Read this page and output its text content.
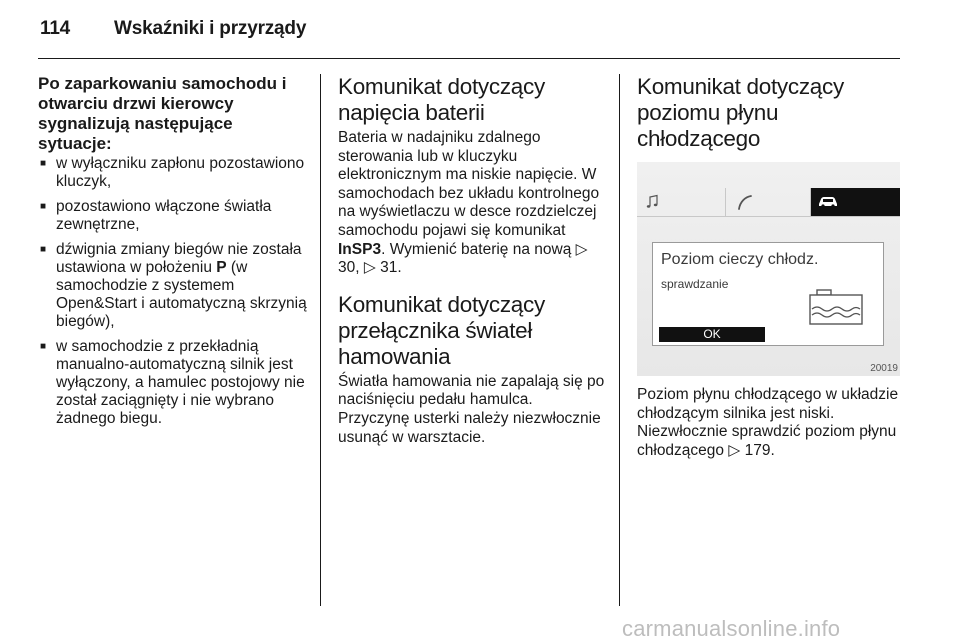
114 Wskaźniki i przyrządy

Po zaparkowaniu samochodu i otwarciu drzwi kierowcy sygnalizują następujące sytuacje:

■ w wyłączniku zapłonu pozostawiono kluczyk,
■ pozostawiono włączone światła zewnętrzne,
■ dźwignia zmiany biegów nie została ustawiona w położeniu P (w samochodzie z systemem Open&Start i automatyczną skrzynią biegów),
■ w samochodzie z przekładnią manualno-automatyczną silnik jest wyłączony, a hamulec postojowy nie został zaciągnięty i nie wybrano żadnego biegu.
Komunikat dotyczący napięcia baterii

Bateria w nadajniku zdalnego sterowania lub w kluczyku elektronicznym ma niskie napięcie. W samochodach bez układu kontrolnego na wyświetlaczu w desce rozdzielczej samochodu pojawi się komunikat InSP3. Wymienić baterię na nową ▷ 30, ▷ 31.

Komunikat dotyczący przełącznika świateł hamowania

Światła hamowania nie zapalają się po naciśnięciu pedału hamulca. Przyczynę usterki należy niezwłocznie usunąć w warsztacie.

Komunikat dotyczący poziomu płynu chłodzącego
Poziom cieczy chłodz.
sprawdzanie
OK
20019

Poziom płynu chłodzącego w układzie chłodzącym silnika jest niski. Niezwłocznie sprawdzić poziom płynu chłodzącego ▷ 179.

carmanualsonline.info
